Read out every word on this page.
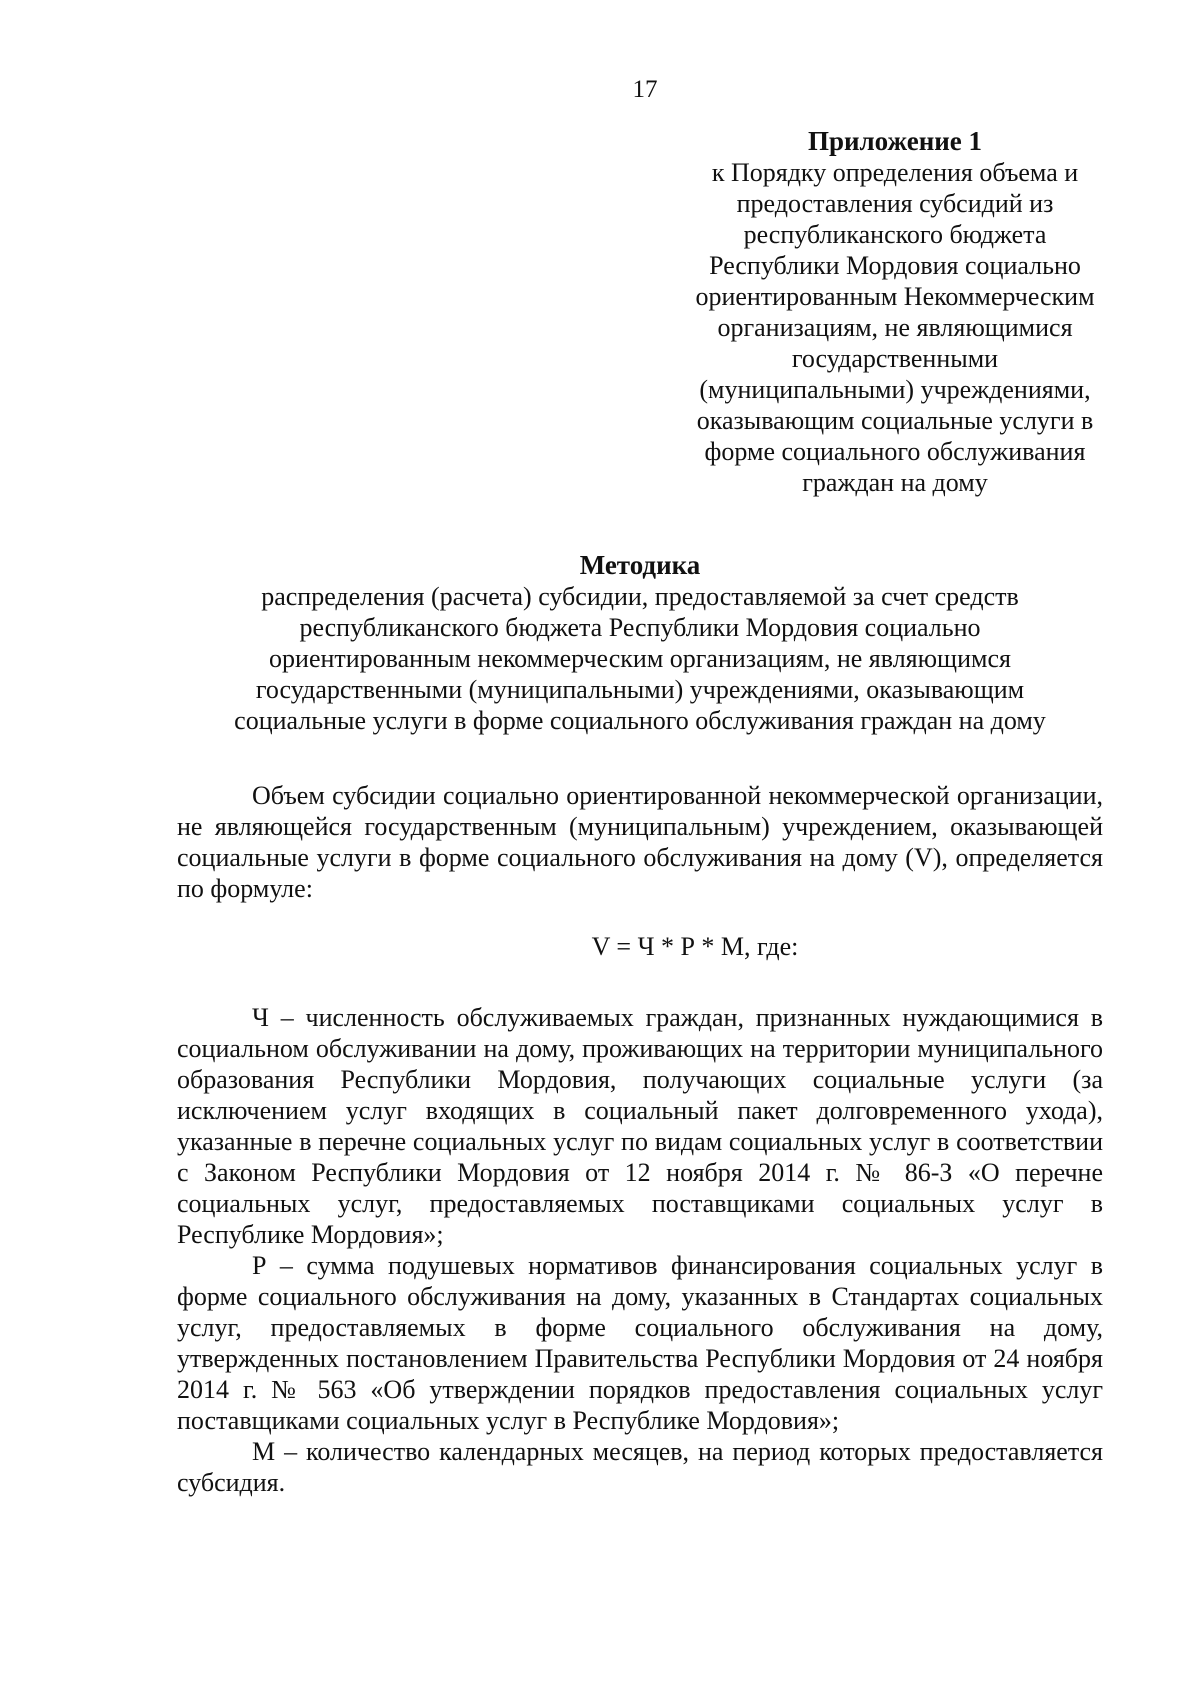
17
Приложение 1
к Порядку определения объема и
предоставления субсидий из
республиканского бюджета
Республики Мордовия социально
ориентированным Некоммерческим
организациям, не являющимися
государственными
(муниципальными) учреждениями,
оказывающим социальные услуги в
форме социального обслуживания
граждан на дому
Методика
распределения (расчета) субсидии, предоставляемой за счет средств
республиканского бюджета Республики Мордовия социально
ориентированным некоммерческим организациям, не являющимся
государственными (муниципальными) учреждениями, оказывающим
социальные услуги в форме социального обслуживания граждан на дому

Объем субсидии социально ориентированной некоммерческой организации, не являющейся государственным (муниципальным) учреждением, оказывающей социальные услуги в форме социального обслуживания на дому (V), определяется по формуле:

V = Ч * Р * М, где:

Ч – численность обслуживаемых граждан, признанных нуждающимися в социальном обслуживании на дому, проживающих на территории муниципального образования Республики Мордовия, получающих социальные услуги (за исключением услуг входящих в социальный пакет долговременного ухода), указанные в перечне социальных услуг по видам социальных услуг в соответствии с Законом Республики Мордовия от 12 ноября 2014 г. № 86-З «О перечне социальных услуг, предоставляемых поставщиками социальных услуг в Республике Мордовия»;

Р – сумма подушевых нормативов финансирования социальных услуг в форме социального обслуживания на дому, указанных в Стандартах социальных услуг, предоставляемых в форме социального обслуживания на дому, утвержденных постановлением Правительства Республики Мордовия от 24 ноября 2014 г. № 563 «Об утверждении порядков предоставления социальных услуг поставщиками социальных услуг в Республике Мордовия»;

М – количество календарных месяцев, на период которых предоставляется субсидия.
